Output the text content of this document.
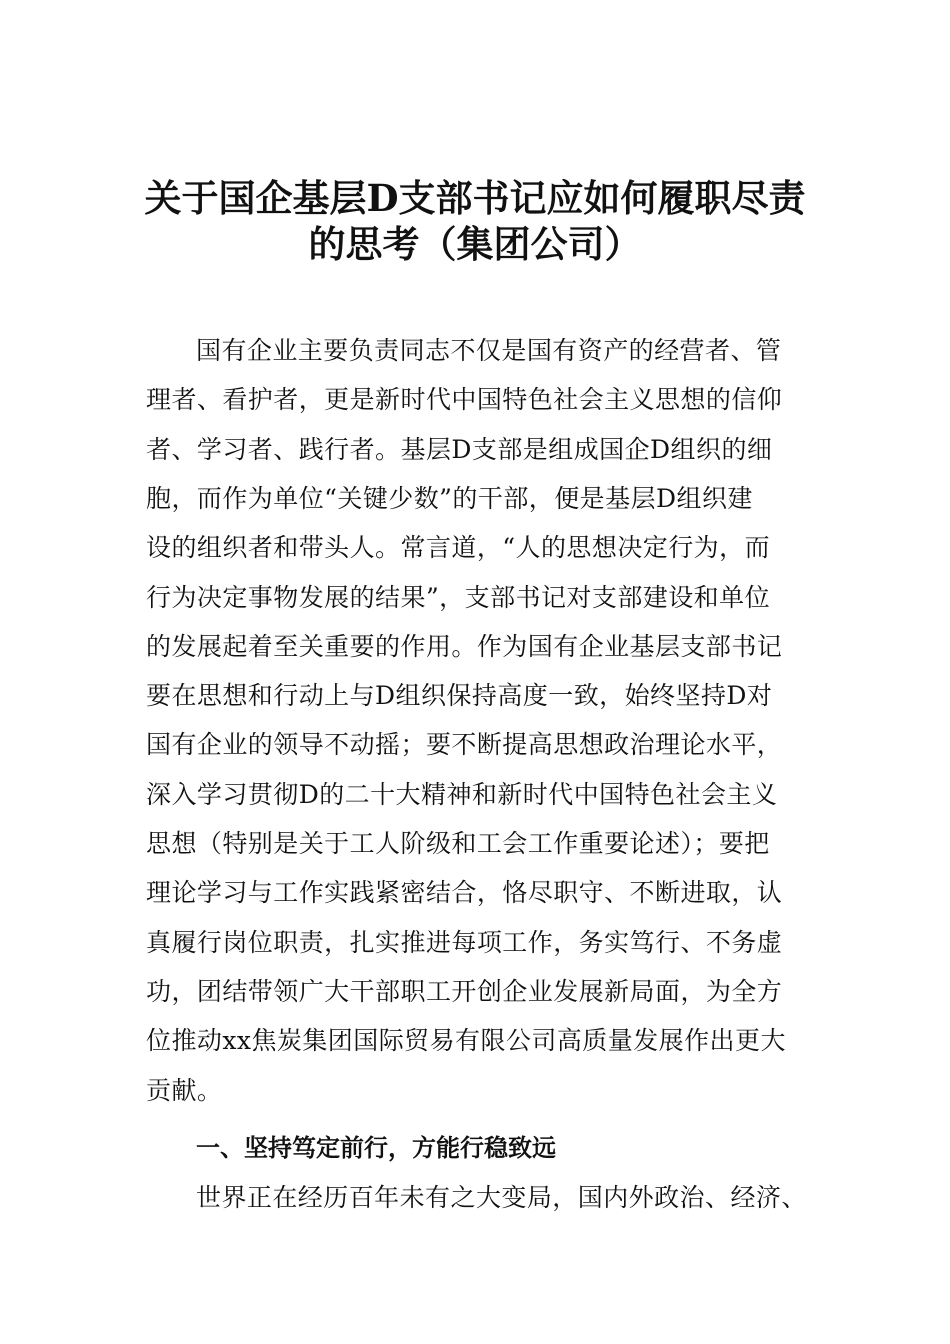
关于国企基层D支部书记应如何履职尽责
的思考（集团公司）
国有企业主要负责同志不仅是国有资产的经营者、管
理者、看护者，更是新时代中国特色社会主义思想的信仰
者、学习者、践行者。基层D支部是组成国企D组织的细
胞，而作为单位“关键少数”的干部，便是基层D组织建
设的组织者和带头人。常言道，“人的思想决定行为，而
行为决定事物发展的结果”，支部书记对支部建设和单位
的发展起着至关重要的作用。作为国有企业基层支部书记
要在思想和行动上与D组织保持高度一致，始终坚持D对
国有企业的领导不动摇；要不断提高思想政治理论水平，
深入学习贯彻D的二十大精神和新时代中国特色社会主义
思想（特别是关于工人阶级和工会工作重要论述）；要把
理论学习与工作实践紧密结合，恪尽职守、不断进取，认
真履行岗位职责，扎实推进每项工作，务实笃行、不务虚
功，团结带领广大干部职工开创企业发展新局面，为全方
位推动xx焦炭集团国际贸易有限公司高质量发展作出更大
贡献。
一、坚持笃定前行，方能行稳致远
世界正在经历百年未有之大变局，国内外政治、经济、
